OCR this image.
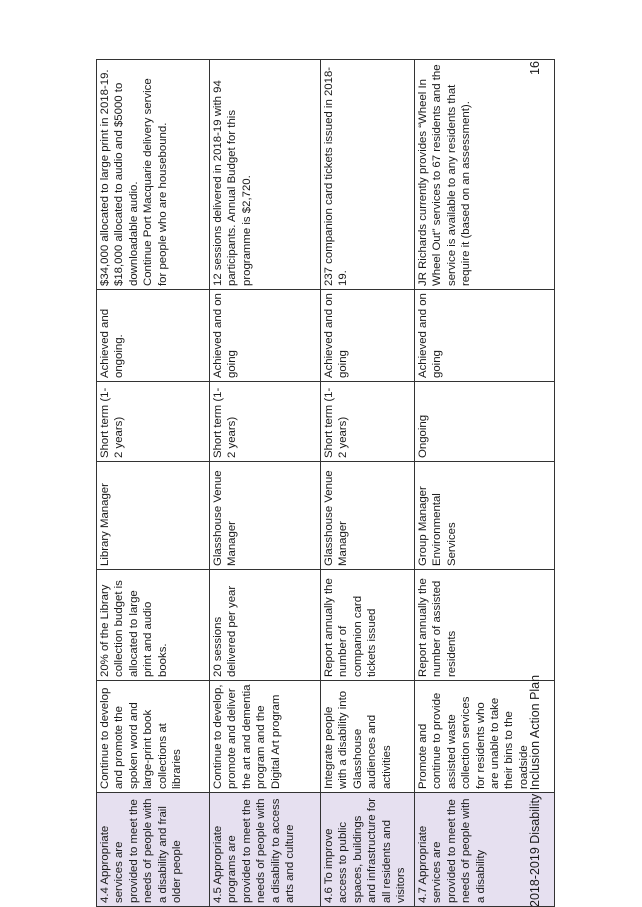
4.4 Appropriate services are provided to meet the needs of people with a disability and frail older people	Continue to develop and promote the spoken word and large-print book collections at libraries	20% of the Library collection budget is allocated to large print and audio books.	Library Manager	Short term (1-2 years)	Achieved and ongoing.	$34,000 allocated to large print in 2018-19. $18,000 allocated to audio and $5000 to downloadable audio.
Continue Port Macquarie delivery service for people who are housebound.
4.5 Appropriate programs are provided to meet the needs of people with a disability to access arts and culture	Continue to develop, promote and deliver the art and dementia program and the Digital Art program	20 sessions delivered per year	Glasshouse Venue Manager	Short term (1-2 years)	Achieved and on going	12 sessions delivered in 2018-19 with 94 participants. Annual Budget for this programme is $2,720.
4.6 To improve access to public spaces, buildings and infrastructure for all residents and visitors	Integrate people with a disability into Glasshouse audiences and activities	Report annually the number of companion card tickets issued	Glasshouse Venue Manager	Short term (1-2 years)	Achieved and on going	237 companion card tickets issued in 2018-19.
4.7 Appropriate services are provided to meet the needs of people with a disability	Promote and continue to provide assisted waste collection services for residents who are unable to take their bins to the roadside	Report annually the number of assisted residents	Group Manager Environmental Services	Ongoing	Achieved and on going	JR Richards currently provides “Wheel In Wheel Out” services to 67 residents and the service is available to any residents that require it (based on an assessment).
2018-2019 Disability Inclusion Action Plan
16
